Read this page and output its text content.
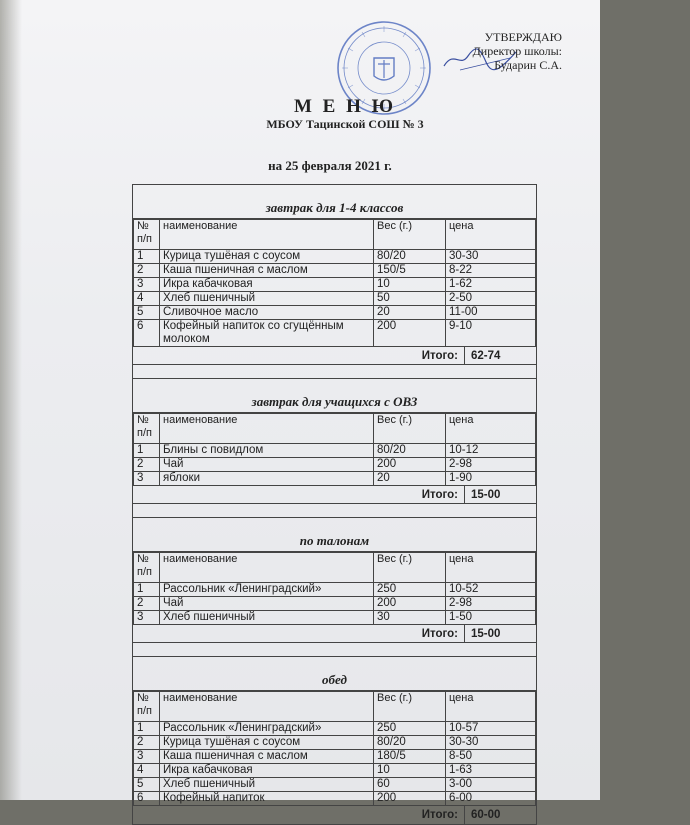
УТВЕРЖДАЮ
Директор школы:
Бударин С.А.
М Е Н Ю
МБОУ Тацинской СОШ № 3
на 25 февраля 2021 г.
завтрак для 1-4 классов
№ п/п	наименование	Вес (г.)	цена
1	Курица тушёная с соусом	80/20	30-30
2	Каша пшеничная с маслом	150/5	8-22
3	Икра кабачковая	10	1-62
4	Хлеб пшеничный	50	2-50
5	Сливочное масло	20	11-00
6	Кофейный напиток со сгущённым молоком	200	9-10
Итого:	62-74
завтрак для учащихся с ОВЗ
№ п/п	наименование	Вес (г.)	цена
1	Блины с повидлом	80/20	10-12
2	Чай	200	2-98
3	яблоки	20	1-90
Итого:	15-00
по талонам
№ п/п	наименование	Вес (г.)	цена
1	Рассольник «Ленинградский»	250	10-52
2	Чай	200	2-98
3	Хлеб пшеничный	30	1-50
Итого:	15-00
обед
№ п/п	наименование	Вес (г.)	цена
1	Рассольник «Ленинградский»	250	10-57
2	Курица тушёная с соусом	80/20	30-30
3	Каша пшеничная с маслом	180/5	8-50
4	Икра кабачковая	10	1-63
5	Хлеб пшеничный	60	3-00
6	Кофейный напиток	200	6-00
Итого:	60-00
